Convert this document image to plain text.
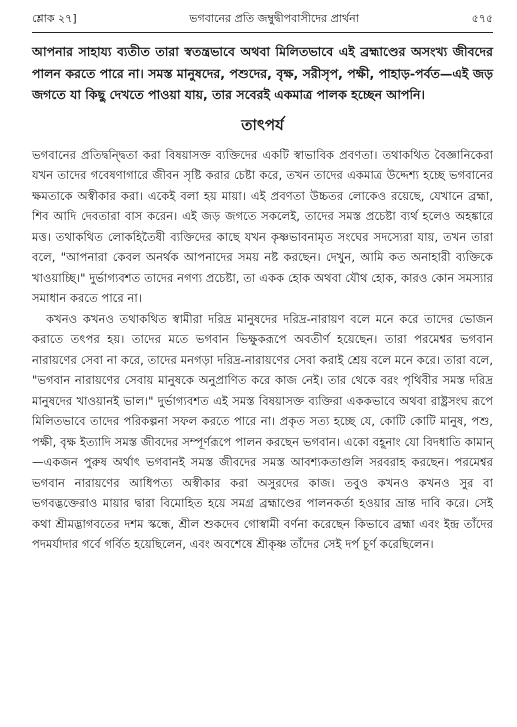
শ্লোক ২৭]	ভগবানের প্রতি জম্বুদ্বীপবাসীদের প্রার্থনা	৫৭৫

আপনার সাহায্য ব্যতীত তারা স্বতন্ত্রভাবে অথবা মিলিতভাবে এই ব্রহ্মাণ্ডের অসংখ্য জীবদের পালন করতে পারে না। সমস্ত মানুষদের, পশুদের, বৃক্ষ, সরীসৃপ, পক্ষী, পাহাড়-পর্বত—এই জড় জগতে যা কিছু দেখতে পাওয়া যায়, তার সবেরই একমাত্র পালক হচ্ছেন আপনি।

তাৎপর্য

ভগবানের প্রতিদ্বন্দ্বিতা করা বিষয়াসক্ত ব্যক্তিদের একটি স্বাভাবিক প্রবণতা। তথাকথিত বৈজ্ঞানিকেরা যখন তাদের গবেষণাগারে জীবন সৃষ্টি করার চেষ্টা করে, তখন তাদের একমাত্র উদ্দেশ্য হচ্ছে ভগবানের ক্ষমতাকে অস্বীকার করা। একেই বলা হয় মায়া। এই প্রবণতা উচ্চতর লোকেও রয়েছে, যেখানে ব্রহ্মা, শিব আদি দেবতারা বাস করেন। এই জড় জগতে সকলেই, তাদের সমস্ত প্রচেষ্টা ব্যর্থ হলেও অহঙ্কারে মত্ত। তথাকথিত লোকহিতৈষী ব্যক্তিদের কাছে যখন কৃষ্ণভাবনামৃত সংঘের সদস্যেরা যায়, তখন তারা বলে, "আপনারা কেবল অনর্থক আপনাদের সময় নষ্ট করছেন। দেখুন, আমি কত অনাহারী ব্যক্তিকে খাওয়াচ্ছি।" দুর্ভাগ্যবশত তাদের নগণ্য প্রচেষ্টা, তা একক হোক অথবা যৌথ হোক, কারও কোন সমস্যার সমাধান করতে পারে না।

কখনও কখনও তথাকথিত স্বামীরা দরিদ্র মানুষদের দরিদ্র-নারায়ণ বলে মনে করে তাদের ভোজন করাতে তৎপর হয়। তাদের মতে ভগবান ভিক্ষুকরূপে অবতীর্ণ হয়েছেন। তারা পরমেশ্বর ভগবান নারায়ণের সেবা না করে, তাদের মনগড়া দরিদ্র-নারায়ণের সেবা করাই শ্রেয় বলে মনে করে। তারা বলে, "ভগবান নারায়ণের সেবায় মানুষকে অনুপ্রাণিত করে কাজ নেই। তার থেকে বরং পৃথিবীর সমস্ত দরিদ্র মানুষদের খাওয়ানই ভাল।" দুর্ভাগ্যবশত এই সমস্ত বিষয়াসক্ত ব্যক্তিরা এককভাবে অথবা রাষ্ট্রসংঘ রূপে মিলিতভাবে তাদের পরিকল্পনা সফল করতে পারে না। প্রকৃত সত্য হচ্ছে যে, কোটি কোটি মানুষ, পশু, পক্ষী, বৃক্ষ ইত্যাদি সমস্ত জীবদের সম্পূর্ণরূপে পালন করছেন ভগবান। একো বহূনাং যো বিদধাতি কামান্—একজন পুরুষ অর্থাৎ ভগবানই সমস্ত জীবদের সমস্ত আবশ্যকতাগুলি সরবরাহ করছেন। পরমেশ্বর ভগবান নারায়ণের আধিপত্য অস্বীকার করা অসুরদের কাজ। তবুও কখনও কখনও সুর বা ভগবদ্ভক্তেরাও মায়ার দ্বারা বিমোহিত হয়ে সমগ্র ব্রহ্মাণ্ডের পালনকর্তা হওয়ার ভ্রান্ত দাবি করে। সেই কথা শ্রীমদ্ভাগবতের দশম স্কন্ধে, শ্রীল শুকদেব গোস্বামী বর্ণনা করেছেন কিভাবে ব্রহ্মা এবং ইন্দ্র তাঁদের পদমর্যাদার গর্বে গর্বিত হয়েছিলেন, এবং অবশেষে শ্রীকৃষ্ণ তাঁদের সেই দর্প চূর্ণ করেছিলেন।
